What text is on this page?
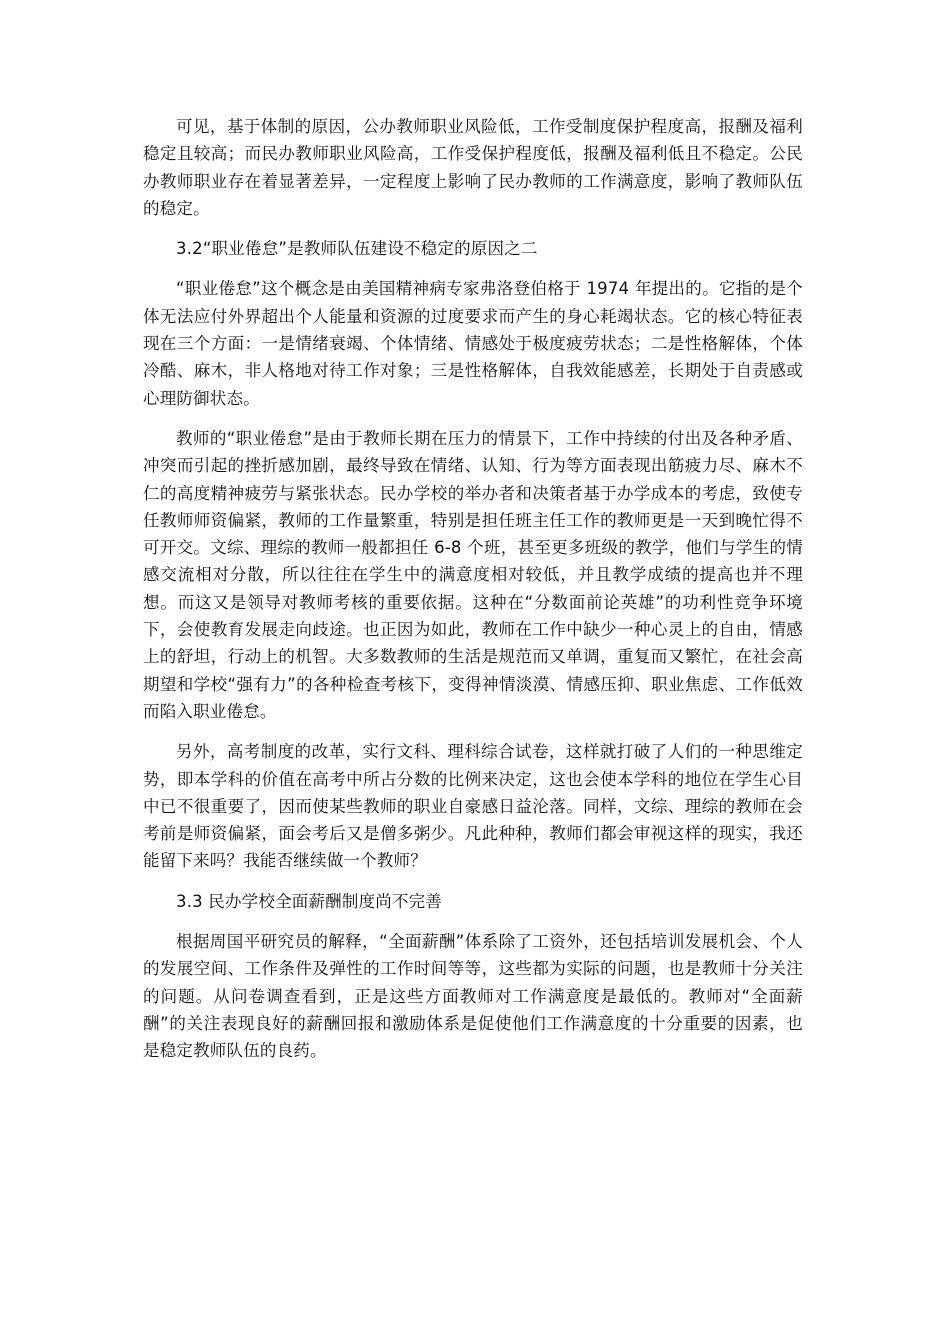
可见，基于体制的原因，公办教师职业风险低，工作受制度保护程度高，报酬及福利稳定且较高；而民办教师职业风险高，工作受保护程度低，报酬及福利低且不稳定。公民办教师职业存在着显著差异，一定程度上影响了民办教师的工作满意度，影响了教师队伍的稳定。

3.2“职业倦怠”是教师队伍建设不稳定的原因之二

“职业倦怠”这个概念是由美国精神病专家弗洛登伯格于 1974 年提出的。它指的是个体无法应付外界超出个人能量和资源的过度要求而产生的身心耗竭状态。它的核心特征表现在三个方面：一是情绪衰竭、个体情绪、情感处于极度疲劳状态；二是性格解体，个体冷酷、麻木，非人格地对待工作对象；三是性格解体，自我效能感差，长期处于自责感或心理防御状态。

教师的“职业倦怠”是由于教师长期在压力的情景下，工作中持续的付出及各种矛盾、冲突而引起的挫折感加剧，最终导致在情绪、认知、行为等方面表现出筋疲力尽、麻木不仁的高度精神疲劳与紧张状态。民办学校的举办者和决策者基于办学成本的考虑，致使专任教师师资偏紧，教师的工作量繁重，特别是担任班主任工作的教师更是一天到晚忙得不可开交。文综、理综的教师一般都担任 6-8 个班，甚至更多班级的教学，他们与学生的情感交流相对分散，所以往往在学生中的满意度相对较低，并且教学成绩的提高也并不理想。而这又是领导对教师考核的重要依据。这种在“分数面前论英雄”的功利性竞争环境下，会使教育发展走向歧途。也正因为如此，教师在工作中缺少一种心灵上的自由，情感上的舒坦，行动上的机智。大多数教师的生活是规范而又单调，重复而又繁忙，在社会高期望和学校“强有力”的各种检查考核下，变得神情淡漠、情感压抑、职业焦虑、工作低效而陷入职业倦怠。

另外，高考制度的改革，实行文科、理科综合试卷，这样就打破了人们的一种思维定势，即本学科的价值在高考中所占分数的比例来决定，这也会使本学科的地位在学生心目中已不很重要了，因而使某些教师的职业自豪感日益沦落。同样，文综、理综的教师在会考前是师资偏紧，面会考后又是僧多粥少。凡此种种，教师们都会审视这样的现实，我还能留下来吗？我能否继续做一个教师？

3.3 民办学校全面薪酬制度尚不完善

根据周国平研究员的解释，“全面薪酬”体系除了工资外，还包括培训发展机会、个人的发展空间、工作条件及弹性的工作时间等等，这些都为实际的问题，也是教师十分关注的问题。从问卷调查看到，正是这些方面教师对工作满意度是最低的。教师对“全面薪酬”的关注表现良好的薪酬回报和激励体系是促使他们工作满意度的十分重要的因素，也是稳定教师队伍的良药。
